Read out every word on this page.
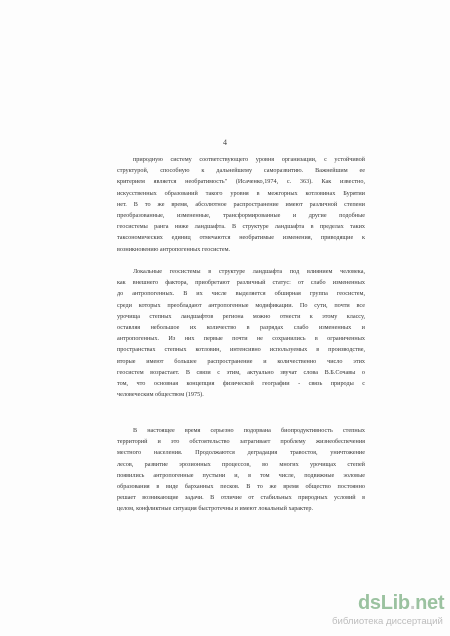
4
природную систему соответствующего уровня организации, с устойчивой
структурой, способную к дальнейшему саморазвитию. Важнейшим ее
критерием является необратимость" (Исаченко,1974, с. 363). Как известно,
искусственных образований такого уровня в межгорных котловинах Бурятии
нет. В то же время, абсолютное распространение имеют различной степени
преобразованные, измененные, трансформированные и другие подобные
геосистемы ранга ниже ландшафта. В структуре ландшафта в пределах таких
таксономических единиц отмечаются необратимые изменения, приводящие к
возникновению антропогенных геосистем.
Локальные геосистемы в структуре ландшафта под влиянием человека,
как внешнего фактора, приобретают различный статус: от слабо измененных
до антропогенных. В их числе выделяется обширная группа геосистем,
среди которых преобладают антропогенные модификации. По сути, почти все
урочища степных ландшафтов региона можно отнести к этому классу,
оставляя небольшое их количество в разрядах слабо измененных и
антропогенных. Из них первые почти не сохранились в ограниченных
пространствах степных котловин, интенсивно используемых в производстве,
вторые имеют большее распространение и количественно число этих
геосистем возрастает. В связи с этим, актуально звучат слова В.Б.Сочавы о
том, что основная концепция физической географии - связь природы с
человеческим обществом (1975).
В настоящее время серьезно подорвана биопродуктивность степных
территорий и это обстоятельство затрагивает проблему жизнеобеспечения
местного населения. Продолжаются деградация травостоя, уничтожение
лесов, развитие эрозионных процессов, во многих урочищах степей
появились антропогенные пустыни и, в том числе, подвижные эоловые
образования в виде барханных песков. В то же время общество постоянно
решает возникающие задачи. В отличие от стабильных природных условий в
целом, конфликтные ситуация быстротечны и имеют локальный характер.
dsLib.net
библиотека диссертаций
